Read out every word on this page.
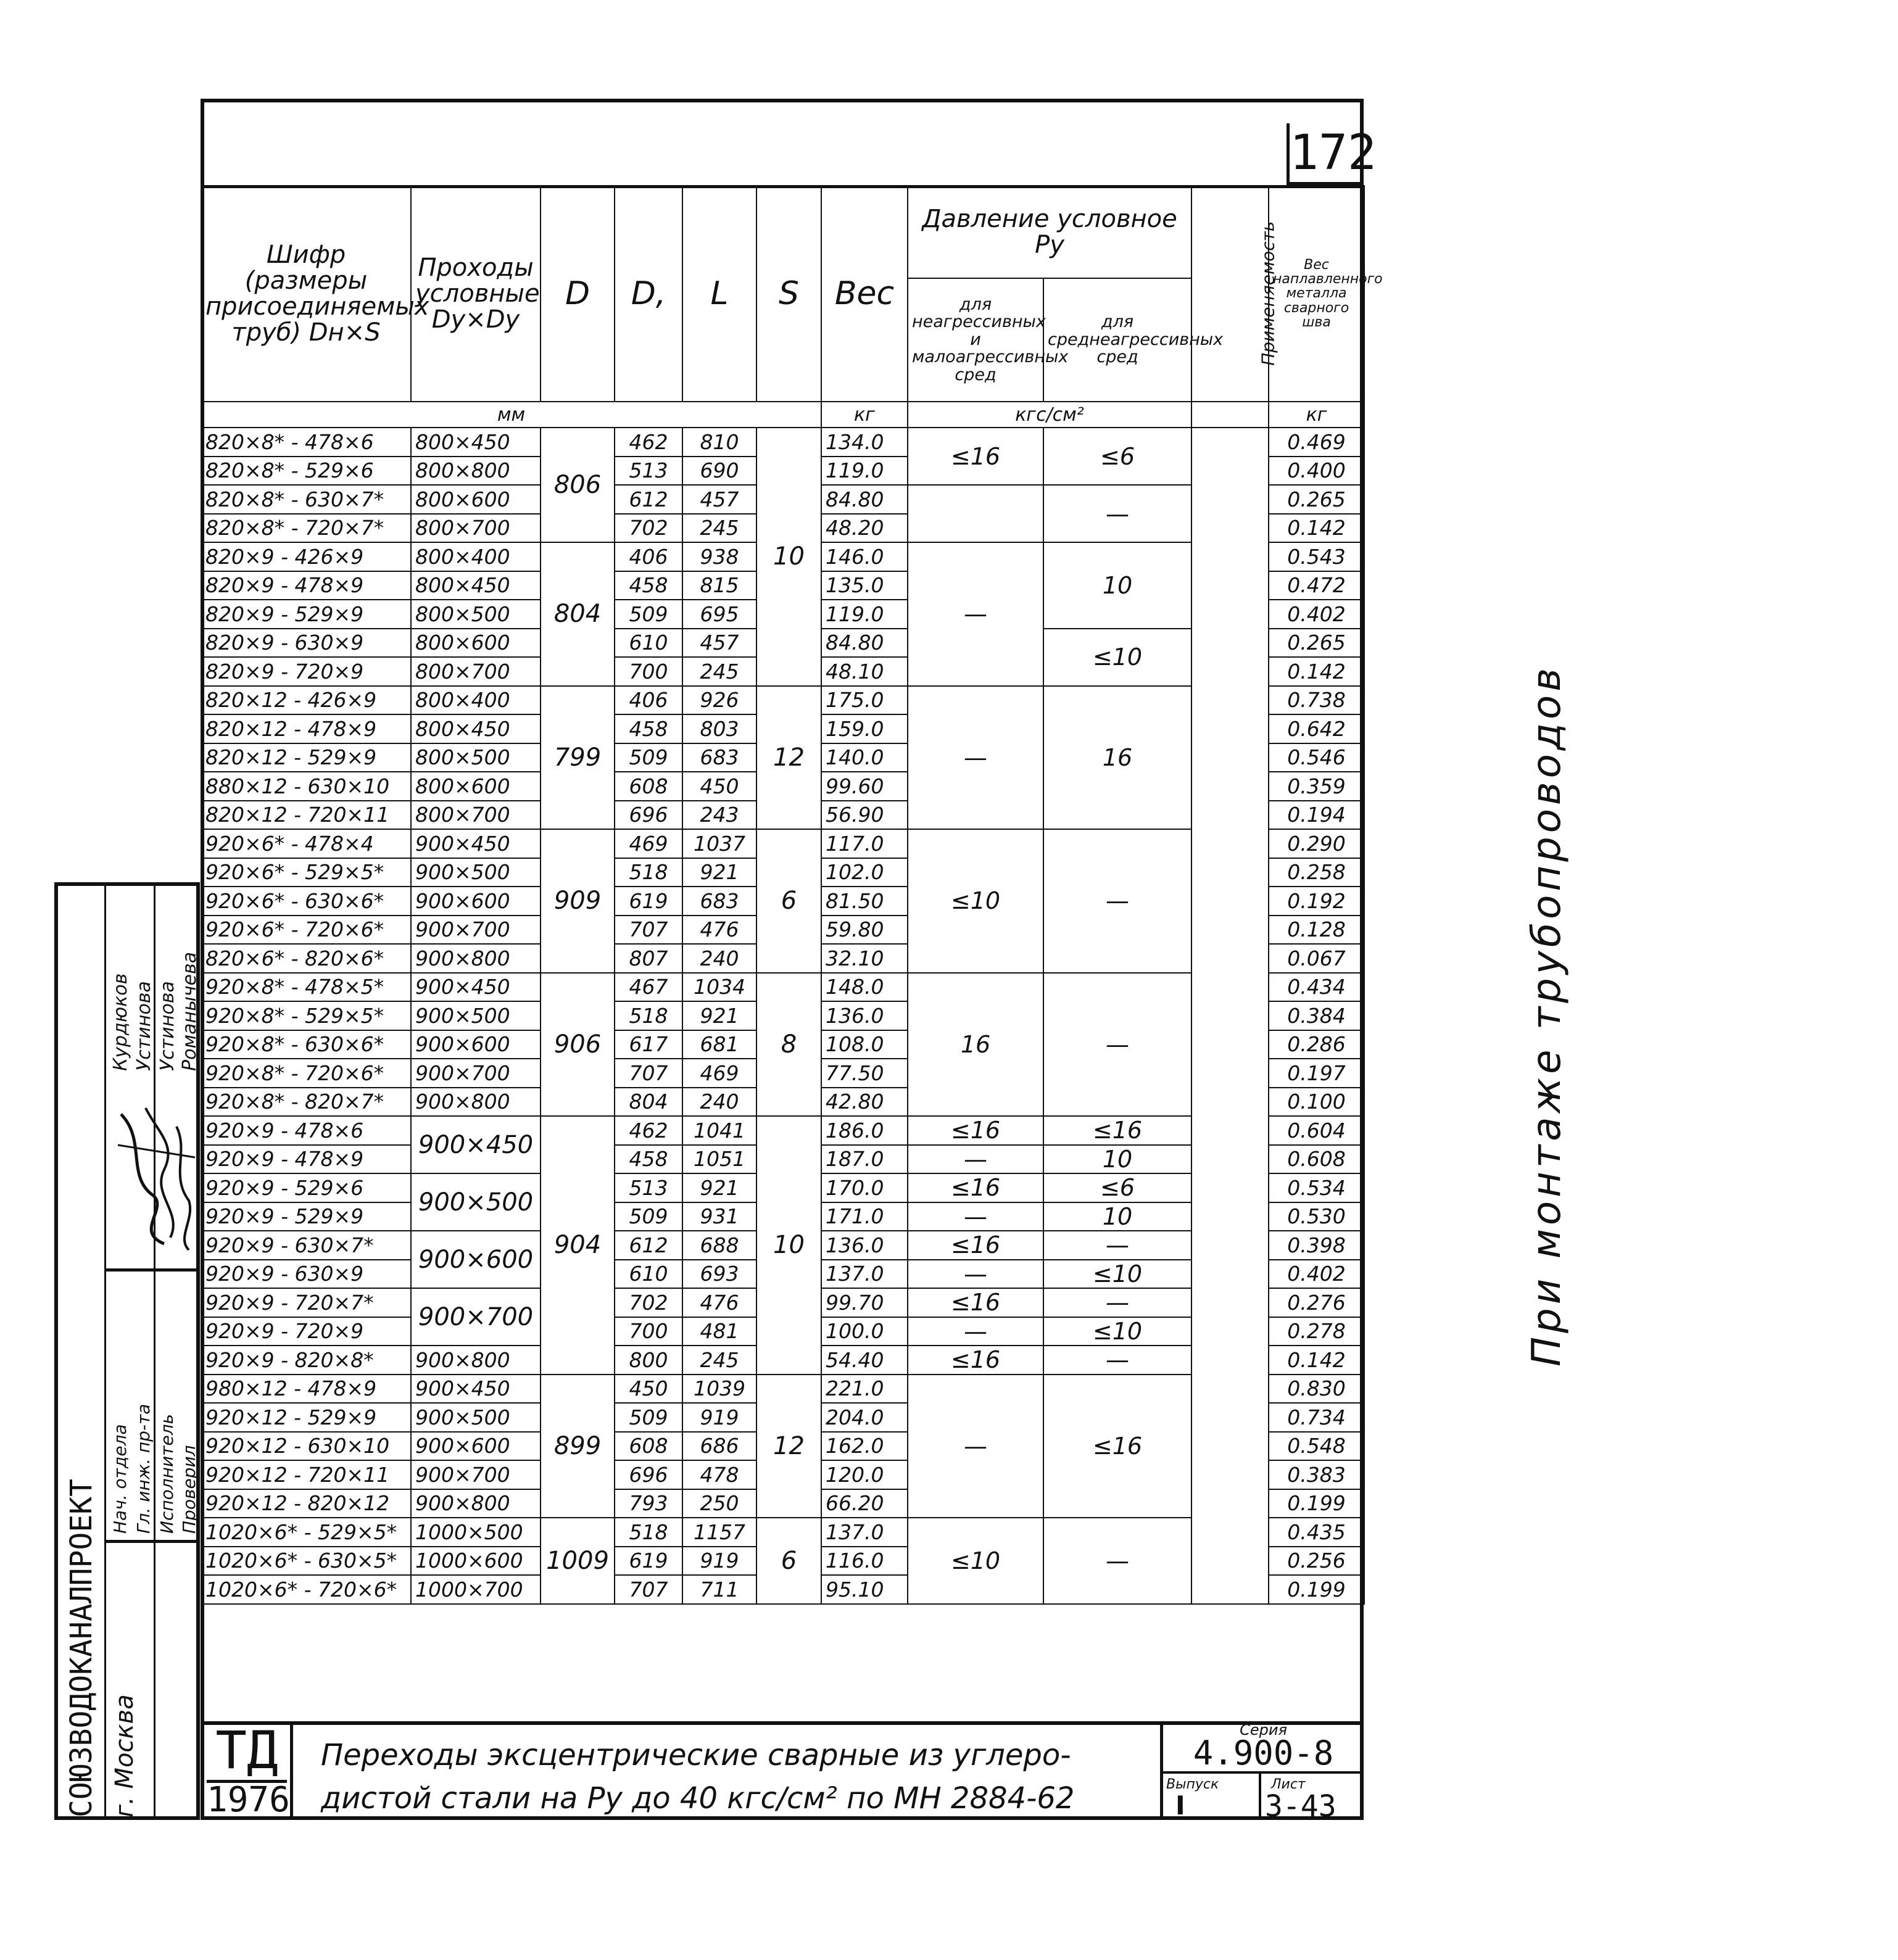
172
Шифр (размеры присоединяемых труб) Dн×S	Проходы условные Dy×Dy	D	D,	L	S	Вес	Давление условное Py		Применяемость	Вес наплавленного металла сварного шва
							для неагрессивных и малоагрессивных сред	для среднеагрессивных сред		
мм						кг	кгс/см²			кг
820×8* - 478×6	800×450	806	462	810	10	134.0	≤16	≤6	При монтаже трубопроводов	0.469
820×8* - 529×6	800×800		513	690		119.0				0.400
820×8* - 630×7*	800×600		612	457		84.80		—		0.265
820×8* - 720×7*	800×700		702	245		48.20				0.142
820×9 - 426×9	800×400	804	406	938		146.0	—	10		0.543
820×9 - 478×9	800×450		458	815		135.0				0.472
820×9 - 529×9	800×500		509	695		119.0				0.402
820×9 - 630×9	800×600		610	457		84.80		≤10		0.265
820×9 - 720×9	800×700		700	245		48.10				0.142
820×12 - 426×9	800×400	799	406	926	12	175.0	—	16		0.738
820×12 - 478×9	800×450		458	803		159.0				0.642
820×12 - 529×9	800×500		509	683		140.0				0.546
880×12 - 630×10	800×600		608	450		99.60				0.359
820×12 - 720×11	800×700		696	243		56.90				0.194
920×6* - 478×4	900×450	909	469	1037	6	117.0	≤10	—		0.290
920×6* - 529×5*	900×500		518	921		102.0				0.258
920×6* - 630×6*	900×600		619	683		81.50				0.192
920×6* - 720×6*	900×700		707	476		59.80				0.128
820×6* - 820×6*	900×800		807	240		32.10				0.067
920×8* - 478×5*	900×450	906	467	1034	8	148.0	16	—		0.434
920×8* - 529×5*	900×500		518	921		136.0				0.384
920×8* - 630×6*	900×600		617	681		108.0				0.286
920×8* - 720×6*	900×700		707	469		77.50				0.197
920×8* - 820×7*	900×800		804	240		42.80				0.100
920×9 - 478×6	900×450	904	462	1041	10	186.0	≤16	≤16		0.604
920×9 - 478×9			458	1051		187.0	—	10		0.608
920×9 - 529×6	900×500		513	921		170.0	≤16	≤6		0.534
920×9 - 529×9			509	931		171.0	—	10		0.530
920×9 - 630×7*	900×600		612	688		136.0	≤16	—		0.398
920×9 - 630×9			610	693		137.0	—	≤10		0.402
920×9 - 720×7*	900×700		702	476		99.70	≤16	—		0.276
920×9 - 720×9			700	481		100.0	—	≤10		0.278
920×9 - 820×8*	900×800		800	245		54.40	≤16	—		0.142
980×12 - 478×9	900×450	899	450	1039	12	221.0	—	≤16		0.830
920×12 - 529×9	900×500		509	919		204.0				0.734
920×12 - 630×10	900×600		608	686		162.0				0.548
920×12 - 720×11	900×700		696	478		120.0				0.383
920×12 - 820×12	900×800		793	250		66.20				0.199
1020×6* - 529×5*	1000×500	1009	518	1157	6	137.0	≤10	—		0.435
1020×6* - 630×5*	1000×600		619	919		116.0				0.256
1020×6* - 720×6*	1000×700		707	711		95.10				0.199
СОЮЗВОДОКАНАЛПРОЕКТ г. Москва
Нач. отдела Гл. инж. пр-та Исполнитель Проверил
Курдюков Устинова Устинова Романычева
ТД
1976
Переходы эксцентрические сварные из углеро-
дистой стали на Ру до 40 кгс/см² по МН 2884-62
Серия
4.900-8
Выпуск
I
Лист
3-43
